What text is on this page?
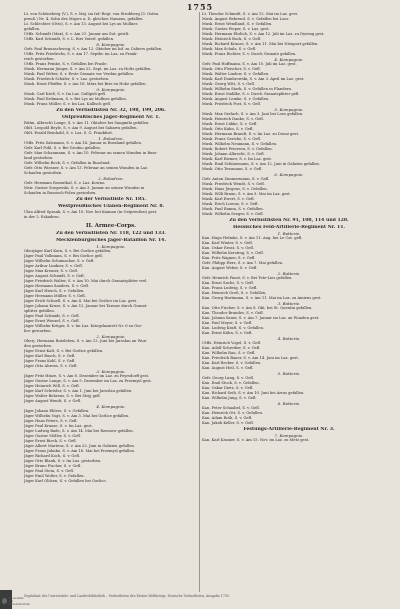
1755
Lt. von Schöneberg (V.), S. v. Maj. im Inf.-Regt. von Strubberg (3. Osten.
preuß.) Nr. 4, Sohn des Majors a. D. gleichen Namens, gefallen.
Lt. Schlechter (Otto), S. v. Am 13. August bei Lys au Mollnes
gefallen.
Utffz. Schmidt (Max), S. v. Am 21. Januar am Sut. gestlt.
Utffz. Karl Schmidt, S. v. L. fürs Vaterl. gefallen.
8. Kompagnie.
Gefr. Paul Braunschweig, S. v. Am 12. Oktober im Inf. zu Cahiers gefallen.
Utffz. Fritz Friedrichs, S. v. Am 17. Septbr. im Laz. zu Frank-
reich gestorben.
Utffz. Franz Peinke, S. v. Gefallen bei Prasle.
Musk. Hermann Jünger, S. v. Am 22. Sept. im Laz. zu Holtz gefallen.
Musk. Paul Weber, S. v. Erste Granate vor Verdun gefallen.
Musk. Friedrich Schäfer, S. v. Laz. gestorben.
Musk. Ernst Pfeiffer, S. v. Am 18. März bei Brie en Hohe gefallen.
9. Kompagnie.
Musk. Carl Kreß, S. v. Im Laz. Gallipoli gefl.
Musk. Paul Erdmann, S. v. Bei Lys au Mollnes gefallen.
Musk. Franz Müller, S. v. Im Laz. Kallisch gefl.
Zu den Verlustlisten Nr. 32, 198, 199, 206.
Ostpreußisches Jäger-Regiment Nr. 1.
Rittm. Albrecht Lange, S. v. Am 11. Oktober bei Sangmihi gefallen.
Oblt. Leopold Reyle, S. v. Am 9. August bei Sabarra gefallen.
Oblt. Ewald Reinhold, S. v. Laz. S. G. Frankfurt.
1. Eskadron.
Utffz. Fritz Salzmann, S. v. Am 14. Januar in Russland gefallen.
Gefr. Karl Pohl, S. v. Bei Grodno gefallen.
Gefr. Max Schaumann, S. v. Am 10. Februar an seinen Wunden in Russ-
land gestorben.
Gefr. Wilhelm Beck, S. v. Gefallen in Russland.
Gefr. Otto Wiesner, S. v. Am 13. Februar an seinen Wunden in Laz.
Schaulen gestorben.
2. Eskadron.
Gefr. Hermann Rosenthal, S. v. Laz. Kowno.
Mstr. Gustav Sorgowski, S. v. Am 3. Januar an seinen Wunden in
Schaulen in Russisch-Polen gestorben.
Zu der Verlustliste Nr. 185.
Westpreußisches Ulanen-Regiment Nr. 8.
Ulan Alfred Sprank, S. v. Am 10. Nov. bei Kaunau (in Ostpreußen) gest.
in der 2. Eskadron.
II. Armee-Corps.
Zu den Verlustlisten Nr. 118, 122 und 133.
Mecklenburgisches Jäger-Bataillon Nr. 14.
1. Kompagnie.
Oberjäger Karl Korn, S. v. Bei Gorlice gefallen.
Jäger Paul Vollmann, S. v. Bei Gorlice gefl.
Jäger Wilhelm Schumacher, S. v. Gefl.
Jäger Arthur Lindner, S. v. Gefl.
Jäger Max Kremer, S. v. Gefl.
Jäger August Schmidt, S. v. Gefl.
Jäger Friedrich Walter, S. v. Am 10. Mai durch Granatsplitter verl.
Jäger Hermann Sanders, S. v. Gefl.
Jäger Karl Hirsch, S. v. Gefallen.
Jäger Hermann Müller, S. v. Gefl.
Jäger Erich Schnell, S. v. Am 4. Mai bei Gorlice im Laz. gest.
Jäger Johann Kruse, S. v. Am 12. Januar bei Tarnow durch Granat-
splitter gefallen.
Jäger Paul Schmidt, S. v. Gefl.
Jäger Ernst Wenzel, S. v. Gefl.
Jäger Wilhelm Krüger, S. v. Im Laz. Kriegslazarett Nr. 6 zu Gor-
lice gestorben.
2. Kompagnie.
Oberj. Hermann Rutzleben, S. v. Am 12. Juni bei Jaroslau an Wun-
den gestorben.
Jäger Ernst Kalt, S. v. Bei Gorlice gefallen.
Jäger Karl Busch, S. v. Gefl.
Jäger Franz Kohl, S. v. Gefl.
Jäger Otto Ahrens, S. v. Gefl.
3. Kompagnie.
Jäger Fritz Hinze, S. v. Am 8. Dezember im Laz. zu Peyrsdorff gest.
Jäger Gustav Lange, S. v. Am 9. Dezember im Laz. zu Przemysl gest.
Jäger Heinrich Will, S. v. Gefl.
Jäger Karl Schröder, S. v. Am 1. Juni bei Jaroslau gefallen.
Jäger Walter Behrens, S. v. Bei Stryj gefl.
Jäger August Wendt, S. v. Gefl.
4. Kompagnie.
Jäger Johann Ehlers, S. v. Gefallen.
Jäger Wilhelm Vogt, S. v. Am 3. Mai bei Gorlice gefallen.
Jäger Hans Peters, S. v. Gefl.
Jäger Paul Krause, S. v. Im Laz. gest.
Jäger Ludwig Bade, S. v. Am 14. Mai bei Rzeszow gefallen.
Jäger Gustav Möller, S. v. Gefl.
Jäger Ernst Rieck, S. v. Gefl.
Jäger Albert Martens, S. v. Am 22. Juni in Galizien gefallen.
Jäger Franz Jahnke, S. v. Am 16. Mai bei Przemysl gefallen.
Jäger Richard Koch, S. v. Gefl.
Jäger Otto Blank, S. v. Im Laz. gestorben.
Jäger Bruno Fischer, S. v. Gefl.
Jäger Paul Stein, S. v. Gefl.
Jäger Emil Wolter, S. v. Gefallen.
Jäger Karl Ohlsen, S. v. Gefallen bei Gorlice.
Lt. Theodor Schmidt, S. v. Am 12. Mai im Laz. gest.
Musk. August Behrend, S. v. Gefallen bei Loos.
Musk. Ernst Wendland, S. v. Gefallen.
Musk. Gustav Pieper, S. v. Laz. gest.
Musk. Hermann Ehrlich, S. v. Am 12. Juli im Laz. zu Dywing gest.
Musk. Heinrich Bock, S. v. Gefl.
Musk. Richard Krause, S. v. Am 11. Mai bei Nieuport gefallen.
Musk. Max Schulz, S. v. Gefl.
Musk. Franz Richter, S. v. Durch Granate gefallen.
4. Kompagnie.
Gefr. Paul Hoffmann, S. v. Am 10. Juli im Laz. gest.
Musk. Otto Fleischer, S. v. Gefl.
Musk. Walter Lindow, S. v. Gefallen.
Musk. Karl Dombrowski, S. v. Am 3. April im Laz. gest.
Musk. Georg Witt, S. v. Gefl.
Musk. Wilhelm Stark, S. v. Gefallen in Flandern.
Musk. Ernst Mahlke, S. v. Durch Granatsplitter gefl.
Musk. August Lemke, S. v. Gefallen.
Musk. Friedrich Post, S. v. Gefl.
5. Kompagnie.
Musk. Max Gerlach, S. v. Am 3. Juni bei Loos gefallen.
Musk. Heinrich Danke, S. v. Gefl.
Musk. Ernst Lübke, S. v. Gefl.
Musk. Otto Kuhn, S. v. Gefl.
Musk. Hermann Brandt, S. v. Im Laz. zu Douai gest.
Musk. Franz Gericke, S. v. Gefl.
Musk. Wilhelm Neumann, S. v. Gefallen.
Musk. Robert Petersen, S. v. Gefallen.
Musk. Johann Albrecht, S. v. Gefl.
Musk. Karl Riemer, S. v. Im Laz. gest.
Musk. Emil Schünemann, S. v. Am 12. Juni in Galizien gefallen.
Musk. Otto Tessmann, S. v. Gefl.
6. Kompagnie.
Gefr. Anton Zimmermann, S. v. Gefl.
Musk. Friedrich Wendt, S. v. Gefl.
Musk. Hans Jürgens, S. v. Gefallen.
Musk. Willi Braun, S. v. Am 9. Mai im Laz. gest.
Musk. Karl Ewert, S. v. Gefl.
Musk. Erich Lorenz, S. v. Gefl.
Musk. Paul Ramm, S. v. Gefallen.
Musk. Wilhelm Seeger, S. v. Gefl.
Zu den Verlustlisten Nr. 91, 108, 114 und 128.
Hessisches Feld-Artillerie-Regiment Nr. 11.
1. Batterie.
Kan. Hugo Helmke, S. v. Am 11. Aug. bei Le Cat. gefl.
Kan. Karl Winter, S. v. Gefl.
Kan. Oskar Ernst, S. v. Gefl.
Kan. Wilhelm Kersting, S. v. Gefl.
Kan. Fritz Wagner, S. v. Gefl.
Gefr. Philipp Herz, S. v. Am 7. Mai gefallen.
Kan. August Weber, S. v. Gefl.
2. Batterie.
Gefr. Heinrich Faust, S. v. Bei Tete-Lies gefallen.
Kan. Ernst Sachs, S. v. Gefl.
Kan. Franz Ludwig, S. v. Gefl.
Kan. Heinrich Groß, S. v. Gefallen.
Kan. Georg Hartmann, S. v. Am 11. Mai im Laz. zu Amiens gest.
3. Batterie.
Kan. Otto Fischer, S. v. Am 8. Okt. bei St. Quentin gefallen.
Kan. Theodor Brandes, S. v. Gefl.
Kan. Johann Sauer, S. v. Am 7. Januar im Laz. an Wunden gest.
Kan. Paul Meyer, S. v. Gefl.
Kan. Ludwig Kraft, S. v. Gefallen.
Kan. Ernst Kühn, S. v. Gefl.
4. Batterie.
Utffz. Heinrich Vogel, S. v. Gefl.
Kan. Adolf Schreiber, S. v. Gefl.
Kan. Wilhelm Rau, S. v. Gefl.
Kan. Friedrich Bauer, S. v. Am 14. Juni im Laz. gest.
Kan. Karl Becker, S. v. Gefallen.
Kan. August Heil, S. v. Gefl.
5. Batterie.
Gefr. Georg Lang, S. v. Gefl.
Kan. Emil Stock, S. v. Gefallen.
Kan. Oskar Dietz, S. v. Gefl.
Kan. Richard Seib, S. v. Am 10. Juni bei Arras gefallen.
Kan. Wilhelm Jung, S. v. Gefl.
6. Batterie.
Kan. Peter Schnabel, S. v. Gefl.
Kan. Heinrich Ott, S. v. Gefallen.
Kan. Adam Roth, S. v. Gefl.
Kan. Jakob Keller, S. v. Gefl.
Festungs-Artillerie-Regiment Nr. 3.
7. Kompagnie.
Kan. Karl Kramer, S. v. Am 15. Nov. im Laz. zu Metz gest.
Digitalisat der Universitäts- und Landesbibliothek – Verlustlisten des Ersten Weltkriegs, Deutsche Verlustlisten, Ausgabe 1755.
Universitäts- und
Landesbibliothek
